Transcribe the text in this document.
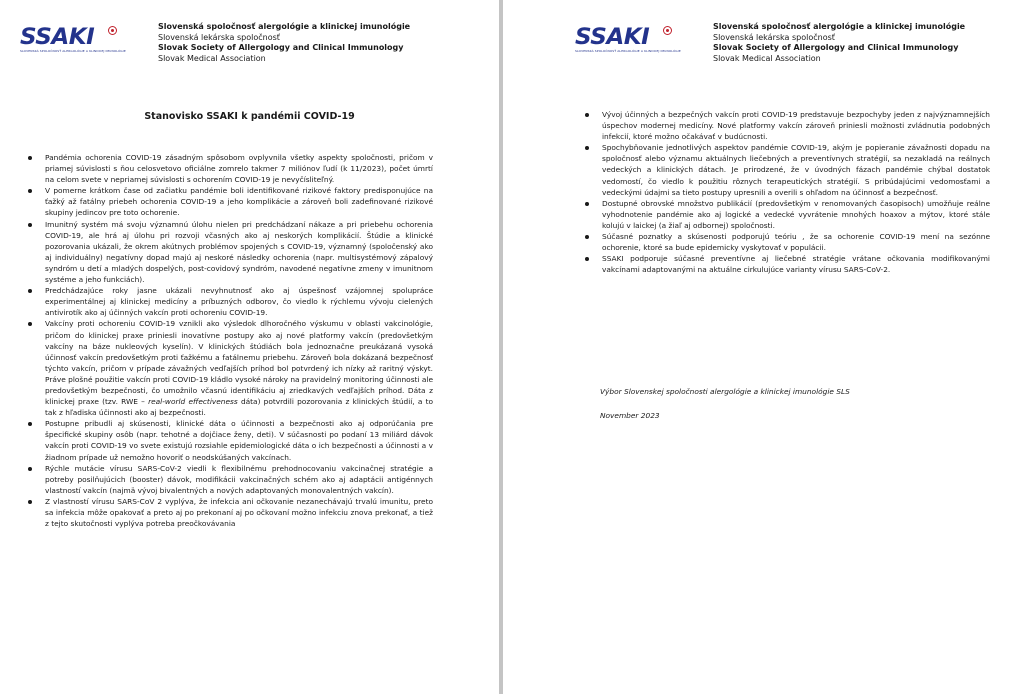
SSAKI
SLOVENSKÁ SPOLOČNOSŤ ALERGOLÓGIE A KLINICKEJ IMUNOLÓGIE
Slovenská spoločnosť alergológie a klinickej imunológie
Slovenská lekárska spoločnosť
Slovak Society of Allergology and Clinical Immunology
Slovak Medical Association
Stanovisko SSAKI k pandémii COVID-19
Pandémia ochorenia COVID-19 zásadným spôsobom ovplyvnila všetky aspekty spoločnosti, pričom v priamej súvislosti s ňou celosvetovo oficiálne zomrelo takmer 7 miliónov ľudí (k 11/2023), počet úmrtí na celom svete v nepriamej súvislosti s ochorením COVID-19 je nevyčísliteľný.
V pomerne krátkom čase od začiatku pandémie boli identifikované rizikové faktory predisponujúce na ťažký až fatálny priebeh ochorenia COVID-19 a jeho komplikácie a zároveň boli zadefinované rizikové skupiny jedincov pre toto ochorenie.
Imunitný systém má svoju významnú úlohu nielen pri predchádzaní nákaze a pri priebehu ochorenia COVID-19, ale hrá aj úlohu pri rozvoji včasných ako aj neskorých komplikácií. Štúdie a klinické pozorovania ukázali, že okrem akútnych problémov spojených s COVID-19, významný (spoločenský ako aj individuálny) negatívny dopad majú aj neskoré následky ochorenia (napr. multisystémový zápalový syndróm u detí a mladých dospelých, post-covidový syndróm, navodené negatívne zmeny v imunitnom systéme a jeho funkciách).
Predchádzajúce roky jasne ukázali nevyhnutnosť ako aj úspešnosť vzájomnej spolupráce experimentálnej aj klinickej medicíny a príbuzných odborov, čo viedlo k rýchlemu vývoju cielených antivirotík ako aj účinných vakcín proti ochoreniu COVID-19.
Vakcíny proti ochoreniu COVID-19 vznikli ako výsledok dlhoročného výskumu v oblasti vakcinológie, pričom do klinickej praxe priniesli inovatívne postupy ako aj nové platformy vakcín (predovšetkým vakcíny na báze nukleových kyselín). V klinických štúdiách bola jednoznačne preukázaná vysoká účinnosť vakcín predovšetkým proti ťažkému a fatálnemu priebehu. Zároveň bola dokázaná bezpečnosť týchto vakcín, pričom v prípade závažných vedľajších príhod bol potvrdený ich nízky až raritný výskyt. Práve plošné použitie vakcín proti COVID-19 kládlo vysoké nároky na pravidelný monitoring účinnosti ale predovšetkým bezpečnosti, čo umožnilo včasnú identifikáciu aj zriedkavých vedľajších príhod. Dáta z klinickej praxe (tzv. RWE – real-world effectiveness dáta) potvrdili pozorovania z klinických štúdií, a to tak z hľadiska účinnosti ako aj bezpečnosti.
Postupne pribudli aj skúsenosti, klinické dáta o účinnosti a bezpečnosti ako aj odporúčania pre špecifické skupiny osôb (napr. tehotné a dojčiace ženy, deti). V súčasnosti po podaní 13 miliárd dávok vakcín proti COVID-19 vo svete existujú rozsiahle epidemiologické dáta o ich bezpečnosti a účinnosti a v žiadnom prípade už nemožno hovoriť o neodskúšaných vakcínach.
Rýchle mutácie vírusu SARS-CoV-2 viedli k flexibilnému prehodnocovaniu vakcinačnej stratégie a potreby posilňujúcich (booster) dávok, modifikácii vakcinačných schém ako aj adaptácii antigénnych vlastností vakcín (najmä vývoj bivalentných a nových adaptovaných monovalentných vakcín).
Z vlastností vírusu SARS-CoV 2 vyplýva, že infekcia ani očkovanie nezanechávajú trvalú imunitu, preto sa infekcia môže opakovať a preto aj po prekonaní aj po očkovaní možno infekciu znova prekonať, a tiež z tejto skutočnosti vyplýva potreba preočkovávania
SSAKI
SLOVENSKÁ SPOLOČNOSŤ ALERGOLÓGIE A KLINICKEJ IMUNOLÓGIE
Slovenská spoločnosť alergológie a klinickej imunológie
Slovenská lekárska spoločnosť
Slovak Society of Allergology and Clinical Immunology
Slovak Medical Association
Vývoj účinných a bezpečných vakcín proti COVID-19 predstavuje bezpochyby jeden z najvýznamnejších úspechov modernej medicíny. Nové platformy vakcín zároveň priniesli možnosti zvládnutia podobných infekcií, ktoré možno očakávať v budúcnosti.
Spochybňovanie jednotlivých aspektov pandémie COVID-19, akým je popieranie závažnosti dopadu na spoločnosť alebo významu aktuálnych liečebných a preventívnych stratégií, sa nezakladá na reálnych vedeckých a klinických dátach. Je prirodzené, že v úvodných fázach pandémie chýbal dostatok vedomostí, čo viedlo k použitiu rôznych terapeutických stratégií. S pribúdajúcimi vedomosťami a vedeckými údajmi sa tieto postupy upresnili a overili s ohľadom na účinnosť a bezpečnosť.
Dostupné obrovské množstvo publikácií (predovšetkým v renomovaných časopisoch) umožňuje reálne vyhodnotenie pandémie ako aj logické a vedecké vyvrátenie mnohých hoaxov a mýtov, ktoré stále kolujú v laickej (a žiaľ aj odbornej) spoločnosti.
Súčasné poznatky a skúsenosti podporujú teóriu , že sa ochorenie COVID-19 mení na sezónne ochorenie, ktoré sa bude epidemicky vyskytovať v populácii.
SSAKI podporuje súčasné preventívne aj liečebné stratégie vrátane očkovania modifikovanými vakcínami adaptovanými na aktuálne cirkulujúce varianty vírusu SARS-CoV-2.
Výbor Slovenskej spoločnosti alergológie a klinickej imunológie SLS
November 2023
